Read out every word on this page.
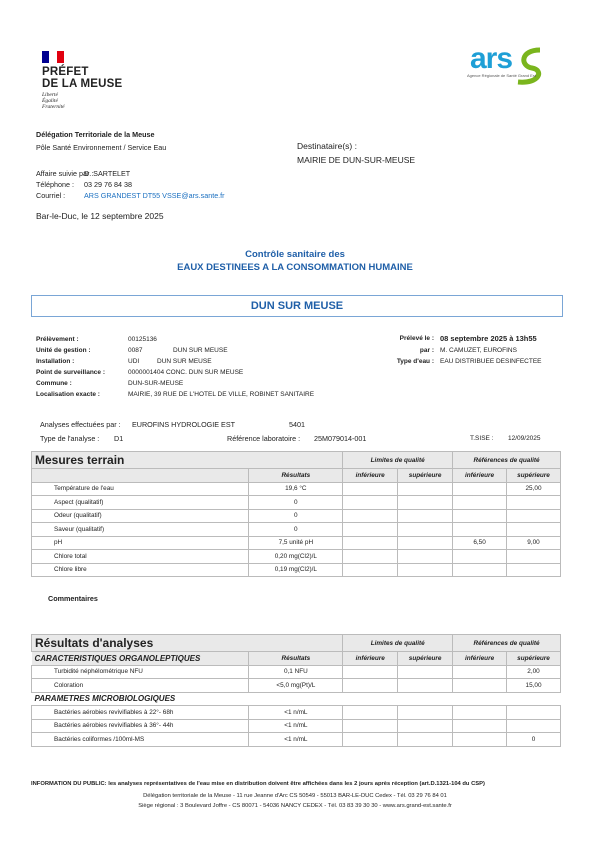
PRÉFET
DE LA MEUSE
Liberté
Égalité
Fraternité
ars
Agence Régionale de Santé Grand Est
Délégation Territoriale de la Meuse
Pôle Santé Environnement / Service Eau
Affaire suivie par :
D. SARTELET
Téléphone : 03 29 76 84 38
Courriel :	ARS GRANDEST DT55 VSSE@ars.sante.fr
Destinataire(s) :
MAIRIE DE DUN-SUR-MEUSE
Bar-le-Duc, le 12 septembre 2025
Contrôle sanitaire des
EAUX DESTINEES A LA CONSOMMATION HUMAINE
DUN SUR MEUSE
Prélèvement :	00125136
Unité de gestion :	0087	DUN SUR MEUSE
Installation :	UDI	DUN SUR MEUSE
Point de surveillance :	0000001404 CONC. DUN SUR MEUSE
Commune :	DUN-SUR-MEUSE
Localisation exacte :	MAIRIE, 39 RUE DE L'HOTEL DE VILLE, ROBINET SANITAIRE
Prélevé le : 08 septembre 2025 à 13h55
par : M. CAMUZET, EUROFINS
Type d'eau : EAU DISTRIBUEE DESINFECTEE
Analyses effectuées par : EUROFINS HYDROLOGIE EST	5401
Type de l'analyse : D1	Référence laboratoire : 25M079014-001	T.SISE : 12/09/2025
Mesures terrain		Limites de qualité		Références de qualité	
	Résultats	inférieure	supérieure	inférieure	supérieure
Température de l'eau	19,6 °C				25,00
Aspect (qualitatif)	0				
Odeur (qualitatif)	0				
Saveur (qualitatif)	0				
pH	7,5 unité pH			6,50	9,00
Chlore total	0,20 mg(Cl2)/L				
Chlore libre	0,19 mg(Cl2)/L				
Commentaires
Résultats d'analyses		Limites de qualité		Références de qualité	
CARACTERISTIQUES ORGANOLEPTIQUES	Résultats	inférieure	supérieure	inférieure	supérieure
Turbidité néphélométrique NFU	0,1 NFU				2,00
Coloration	<5,0 mg(Pt)/L				15,00
PARAMETRES MICROBIOLOGIQUES					
Bactéries aérobies revivifiables à 22°- 68h	<1 n/mL				
Bactéries aérobies revivifiables à 36°- 44h	<1 n/mL				
Bactéries coliformes /100ml-MS	<1 n/mL				0
INFORMATION DU PUBLIC: les analyses représentatives de l'eau mise en distribution doivent être affichées dans les 2 jours après réception (art.D.1321-104 du CSP)
Délégation territoriale de la Meuse - 11 rue Jeanne d'Arc CS 50549 - 55013 BAR-LE-DUC Cedex - Tél. 03 29 76 84 01
Siège régional : 3 Boulevard Joffre - CS 80071 - 54036 NANCY CEDEX - Tél. 03 83 39 30 30 - www.ars.grand-est.sante.fr
